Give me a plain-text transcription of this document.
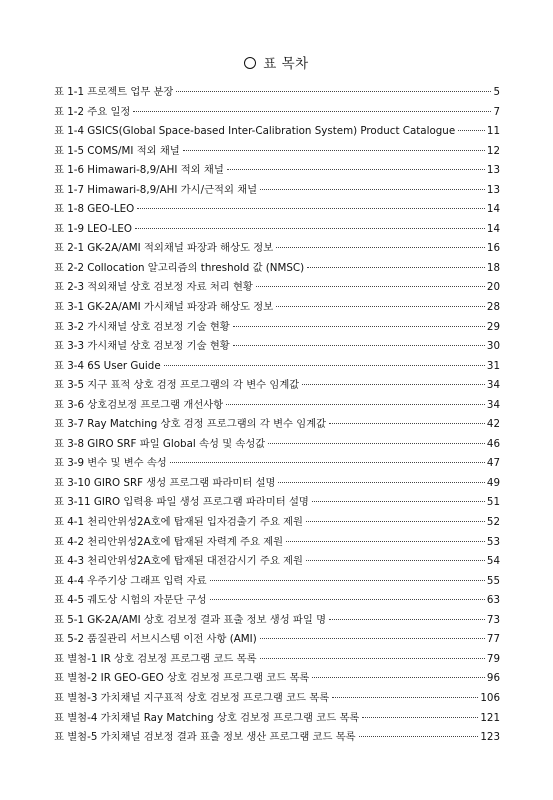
표 목차
표 1-1 프로젝트 업무 분장	5
표 1-2 주요 일정	7
표 1-4 GSICS(Global Space-based Inter-Calibration System) Product Catalogue	11
표 1-5 COMS/MI 적외 채널	12
표 1-6 Himawari-8,9/AHI 적외 채널	13
표 1-7 Himawari-8,9/AHI 가시/근적외 채널	13
표 1-8 GEO-LEO	14
표 1-9 LEO-LEO	14
표 2-1 GK-2A/AMI 적외채널 파장과 해상도 정보	16
표 2-2 Collocation 알고리즘의 threshold 값 (NMSC)	18
표 2-3 적외채널 상호 검보정 자료 처리 현황	20
표 3-1 GK-2A/AMI 가시채널 파장과 해상도 정보	28
표 3-2 가시채널 상호 검보정 기술 현황	29
표 3-3 가시채널 상호 검보정 기술 현황	30
표 3-4 6S User Guide	31
표 3-5 지구 표적 상호 검정 프로그램의 각 변수 임계값	34
표 3-6 상호검보정 프로그램 개선사항	34
표 3-7 Ray Matching 상호 검정 프로그램의 각 변수 임계값	42
표 3-8 GIRO SRF 파일 Global 속성 및 속성값	46
표 3-9 변수 및 변수 속성	47
표 3-10 GIRO SRF 생성 프로그램 파라미터 설명	49
표 3-11 GIRO 입력용 파일 생성 프로그램 파라미터 설명	51
표 4-1 천리안위성2A호에 탑재된 입자검출기 주요 제원	52
표 4-2 천리안위성2A호에 탑재된 자력계 주요 제원	53
표 4-3 천리안위성2A호에 탑재된 대전감시기 주요 제원	54
표 4-4 우주기상 그래프 입력 자료	55
표 4-5 궤도상 시험의 자문단 구성	63
표 5-1 GK-2A/AMI 상호 검보정 결과 표출 정보 생성 파일 명	73
표 5-2 품질관리 서브시스템 이전 사항 (AMI)	77
표 별첨-1 IR 상호 검보정 프로그램 코드 목록	79
표 별첨-2 IR GEO-GEO 상호 검보정 프로그램 코드 목록	96
표 별첨-3 가치채널 지구표적 상호 검보정 프로그램 코드 목록	106
표 별첨-4 가치채널 Ray Matching 상호 검보정 프로그램 코드 목록	121
표 별첨-5 가치채널 검보정 결과 표출 정보 생산 프로그램 코드 목록	123
